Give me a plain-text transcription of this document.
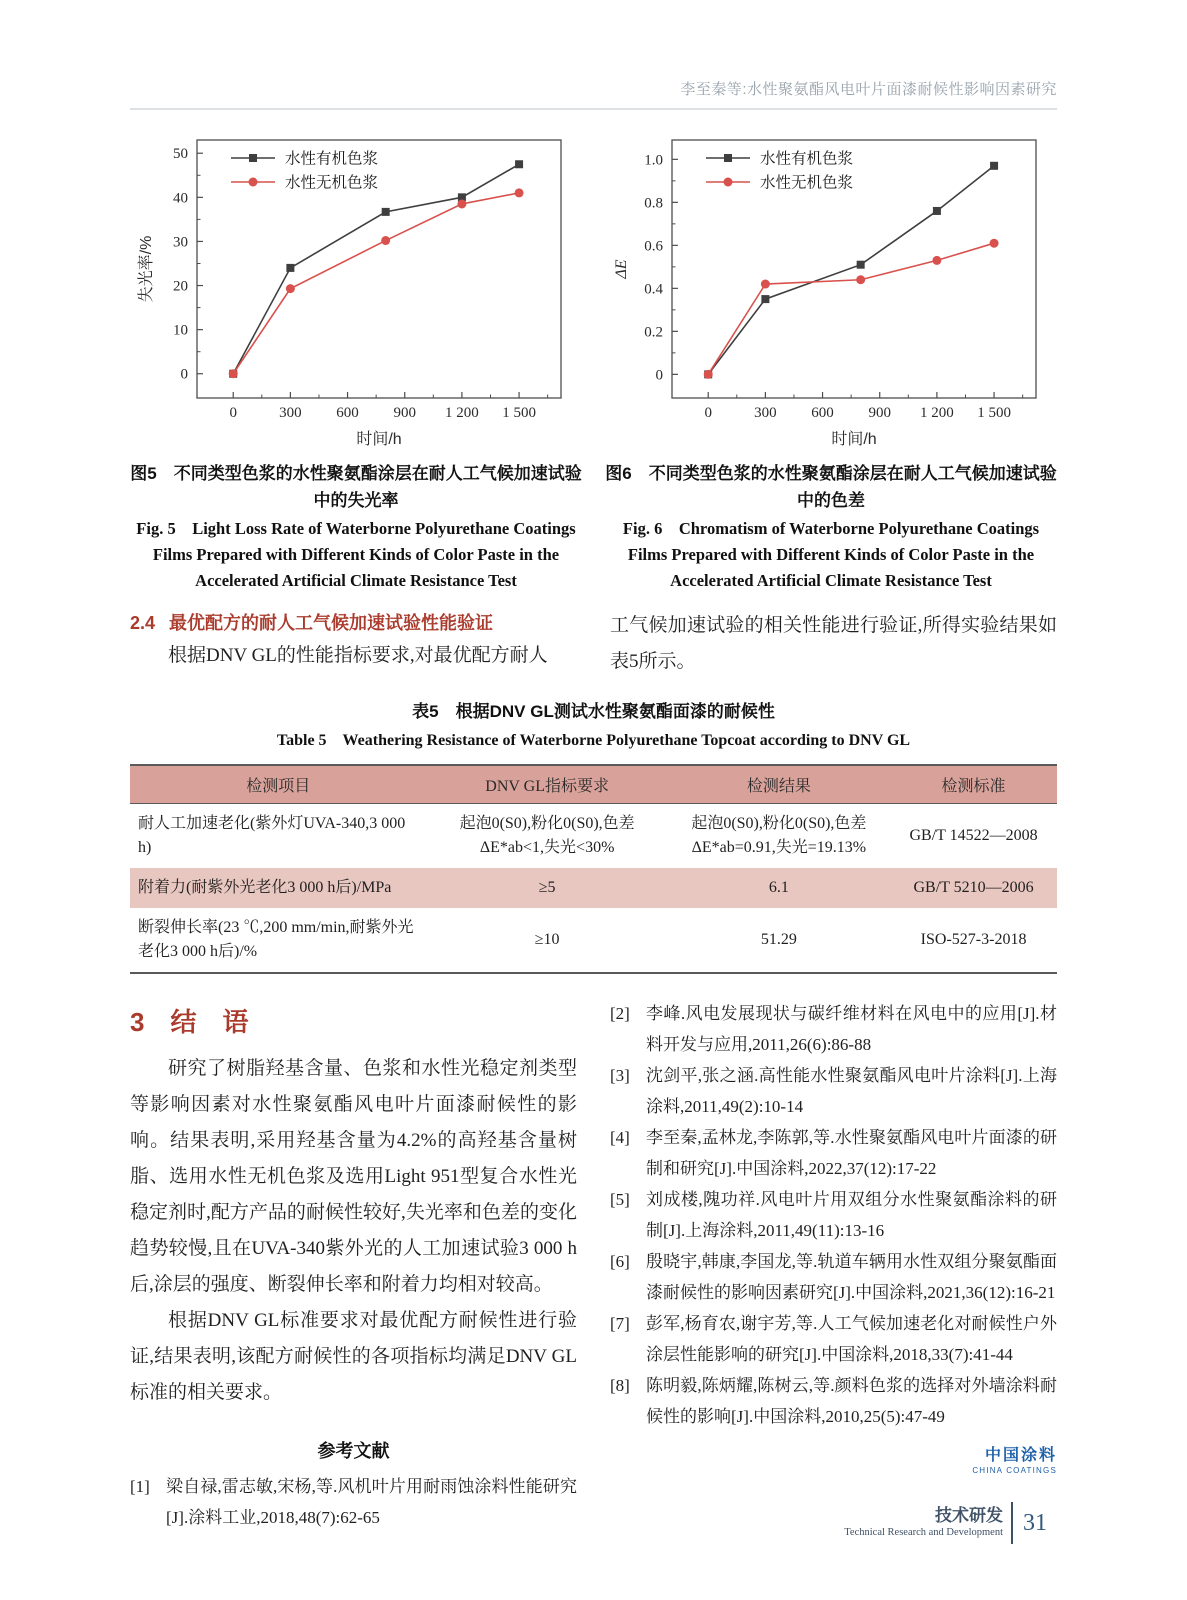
李至秦等:水性聚氨酯风电叶片面漆耐候性影响因素研究
0	300 600 900 1 200 1 500
0
10
20
30
40
50
时间/h
失光率/%
水性有机色浆
水性无机色浆
图5　不同类型色浆的水性聚氨酯涂层在耐人工气候加速试验中的失光率
Fig. 5　Light Loss Rate of Waterborne Polyurethane Coatings Films Prepared with Different Kinds of Color Paste in the Accelerated Artificial Climate Resistance Test
0	300 600 900 1 200 1 500
0
0.2
0.4
0.6
0.8
1.0
时间/h
ΔE
水性有机色浆
水性无机色浆
图6　不同类型色浆的水性聚氨酯涂层在耐人工气候加速试验中的色差
Fig. 6　Chromatism of Waterborne Polyurethane Coatings Films Prepared with Different Kinds of Color Paste in the Accelerated Artificial Climate Resistance Test
2.4 最优配方的耐人工气候加速试验性能验证

根据DNV GL的性能指标要求,对最优配方耐人

工气候加速试验的相关性能进行验证,所得实验结果如表5所示。

表5　根据DNV GL测试水性聚氨酯面漆的耐候性
Table 5　Weathering Resistance of Waterborne Polyurethane Topcoat according to DNV GL
检测项目	DNV GL指标要求	检测结果	检测标准
耐人工加速老化(紫外灯UVA-340,3 000 h)	起泡0(S0),粉化0(S0),色差ΔE*ab<1,失光<30%	起泡0(S0),粉化0(S0),色差ΔE*ab=0.91,失光=19.13%	GB/T 14522—2008
附着力(耐紫外光老化3 000 h后)/MPa	≥5	6.1	GB/T 5210—2006
断裂伸长率(23 ℃,200 mm/min,耐紫外光老化3 000 h后)/%	≥10	51.29	ISO-527-3-2018
3　结　语

研究了树脂羟基含量、色浆和水性光稳定剂类型等影响因素对水性聚氨酯风电叶片面漆耐候性的影响。结果表明,采用羟基含量为4.2%的高羟基含量树脂、选用水性无机色浆及选用Light 951型复合水性光稳定剂时,配方产品的耐候性较好,失光率和色差的变化趋势较慢,且在UVA-340紫外光的人工加速试验3 000 h后,涂层的强度、断裂伸长率和附着力均相对较高。

根据DNV GL标准要求对最优配方耐候性进行验证,结果表明,该配方耐候性的各项指标均满足DNV GL标准的相关要求。

参考文献
[1] 梁自禄,雷志敏,宋杨,等.风机叶片用耐雨蚀涂料性能研究[J].涂料工业,2018,48(7):62-65
[2] 李峰.风电发展现状与碳纤维材料在风电中的应用[J].材料开发与应用,2011,26(6):86-88
[3] 沈剑平,张之涵.高性能水性聚氨酯风电叶片涂料[J].上海涂料,2011,49(2):10-14
[4] 李至秦,孟林龙,李陈郭,等.水性聚氨酯风电叶片面漆的研制和研究[J].中国涂料,2022,37(12):17-22
[5] 刘成楼,隗功祥.风电叶片用双组分水性聚氨酯涂料的研制[J].上海涂料,2011,49(11):13-16
[6] 殷晓宇,韩康,李国龙,等.轨道车辆用水性双组分聚氨酯面漆耐候性的影响因素研究[J].中国涂料,2021,36(12):16-21
[7] 彭军,杨育农,谢宇芳,等.人工气候加速老化对耐候性户外涂层性能影响的研究[J].中国涂料,2018,33(7):41-44
[8] 陈明毅,陈炳耀,陈树云,等.颜料色浆的选择对外墙涂料耐候性的影响[J].中国涂料,2010,25(5):47-49
中国涂料
CHINA COATINGS
技术研发
Technical Research and Development 31
